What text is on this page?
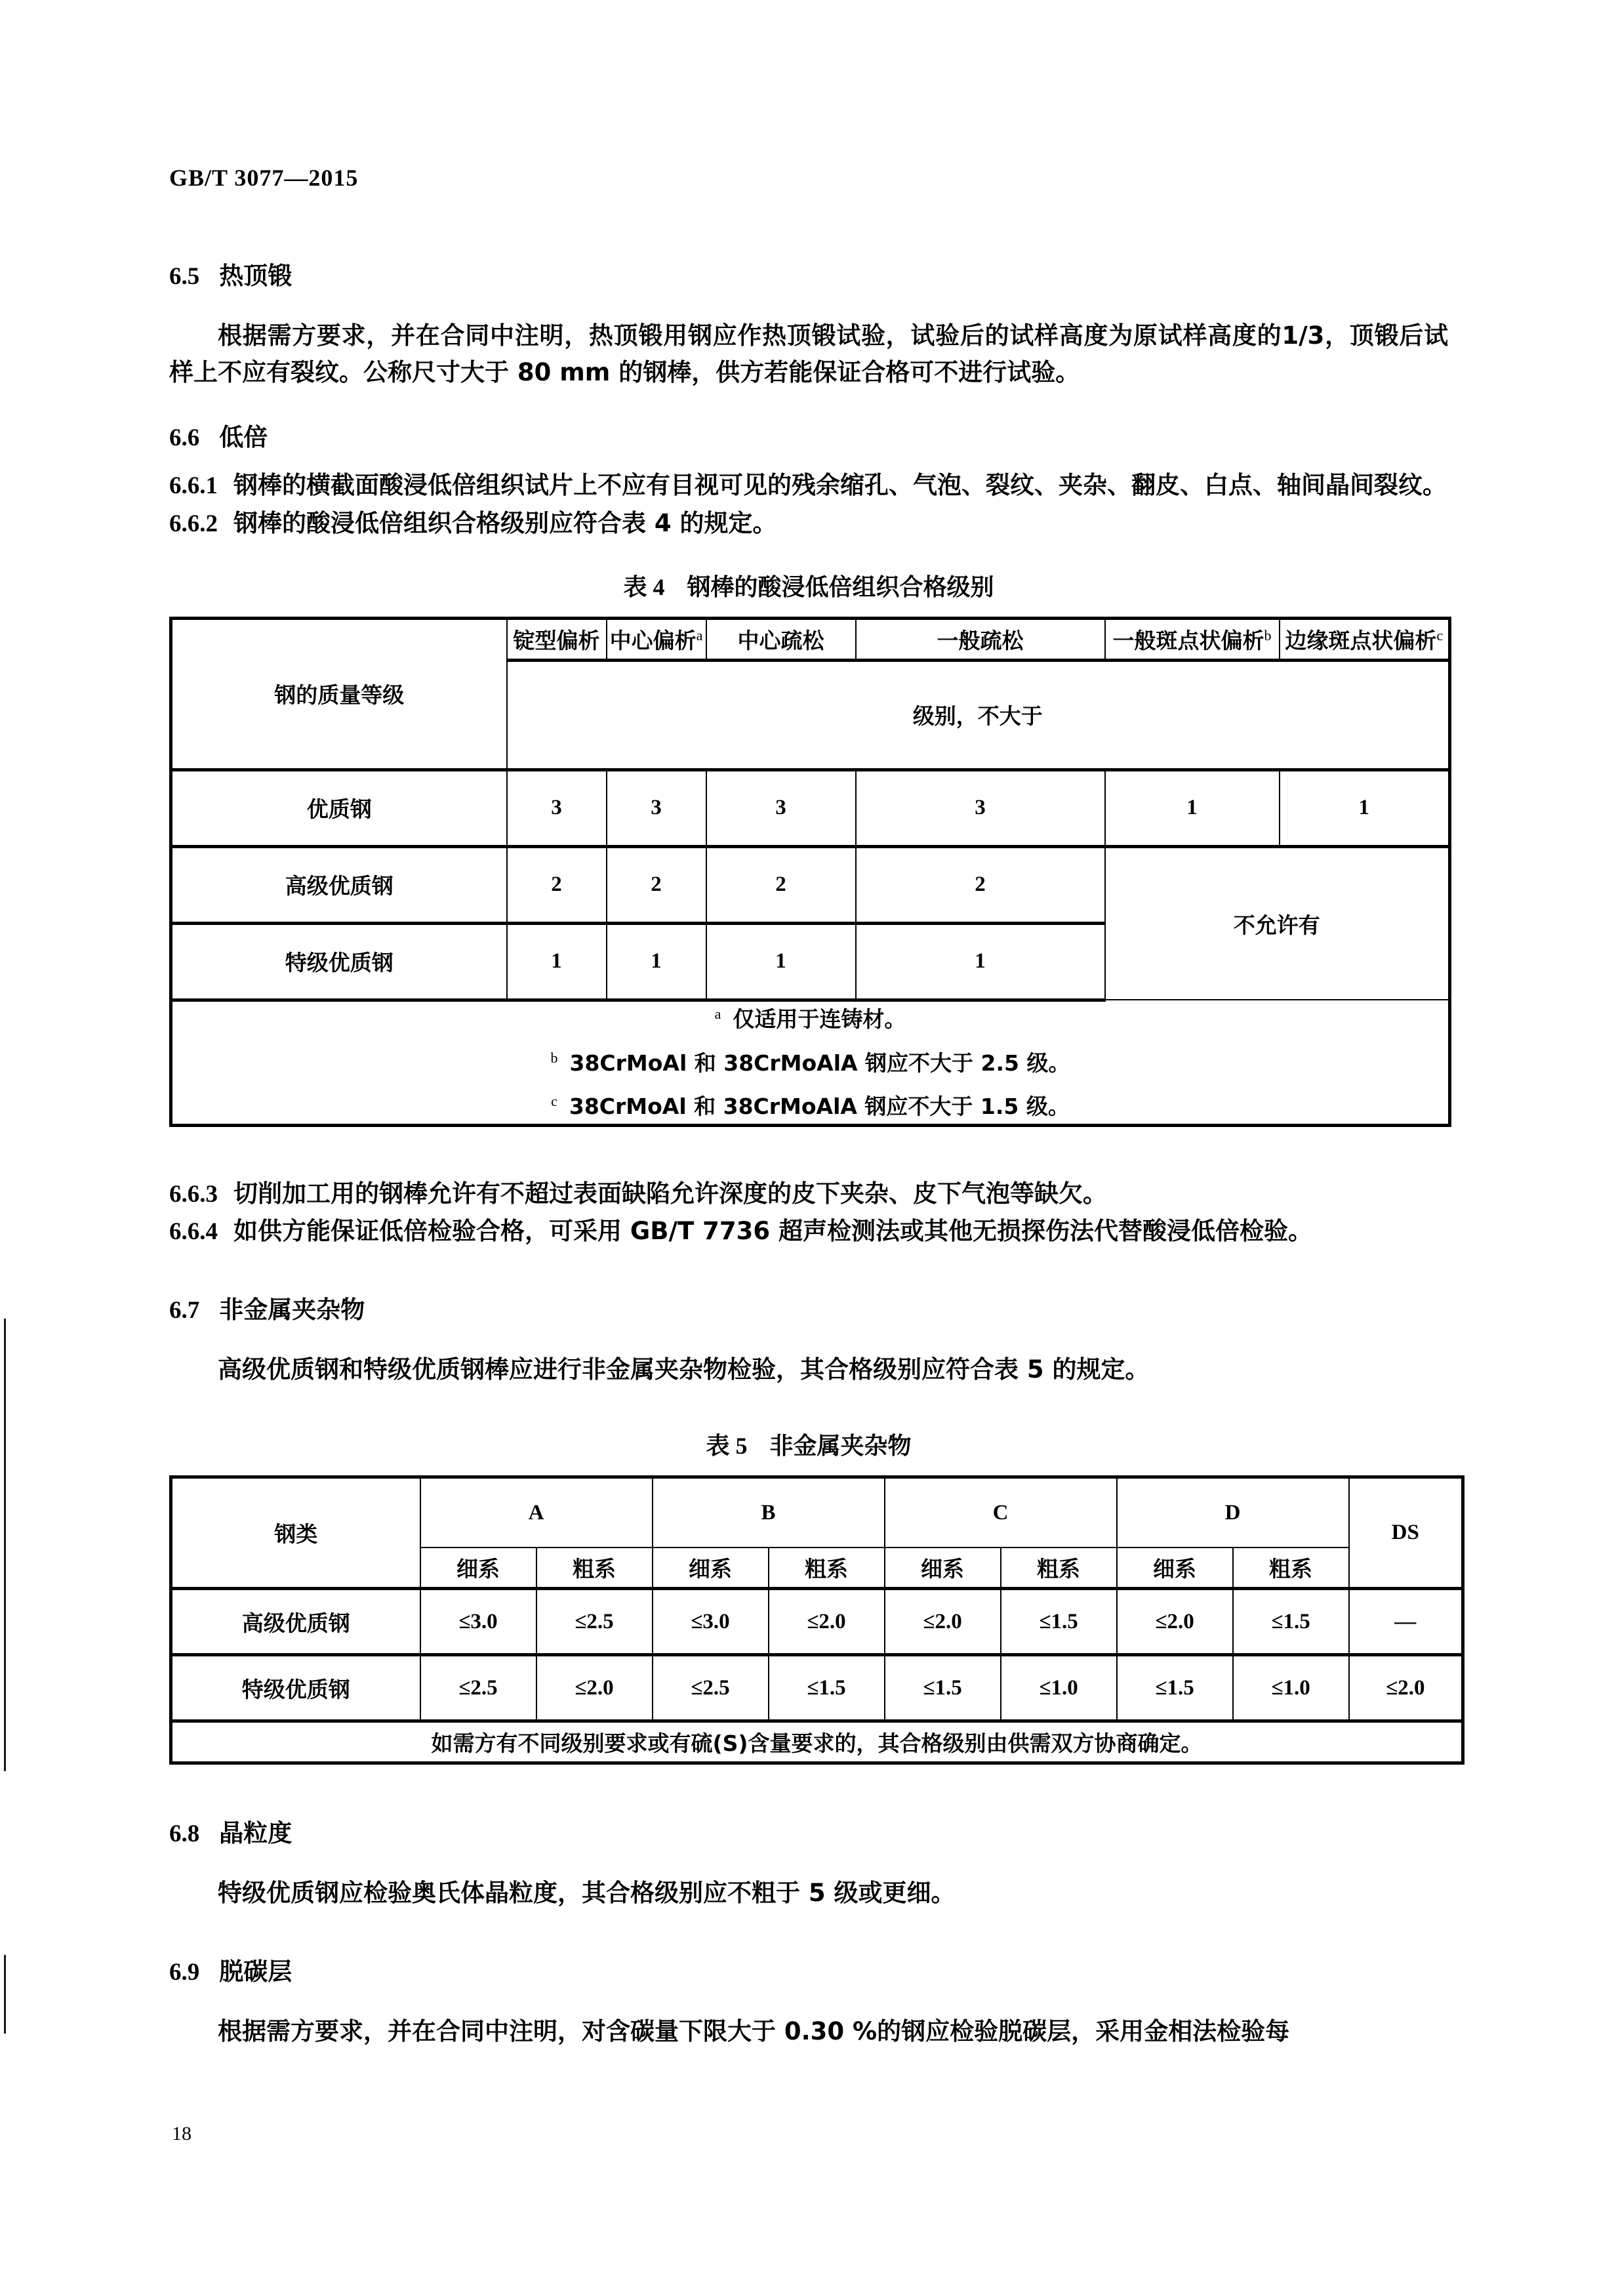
GB/T 3077—2015
6.5 热顶锻

根据需方要求，并在合同中注明，热顶锻用钢应作热顶锻试验，试验后的试样高度为原试样高度的1/3，顶锻后试样上不应有裂纹。公称尺寸大于 80 mm 的钢棒，供方若能保证合格可不进行试验。

6.6 低倍

6.6.1 钢棒的横截面酸浸低倍组织试片上不应有目视可见的残余缩孔、气泡、裂纹、夹杂、翻皮、白点、轴间晶间裂纹。

6.6.2 钢棒的酸浸低倍组织合格级别应符合表 4 的规定。

表 4 钢棒的酸浸低倍组织合格级别

钢的质量等级	锭型偏析	中心偏析$^a$	中心疏松	一般疏松	一般斑点状偏析$^b$	边缘斑点状偏析$^c$
	级别，不大于					
优质钢	3	3	3	3	1	1
高级优质钢	2	2	2	2	不允许有	
特级优质钢	1	1	1	1		

$^a$ 仅适用于连铸材。

$^b$ 38CrMoAl 和 38CrMoAlA 钢应不大于 2.5 级。

$^c$ 38CrMoAl 和 38CrMoAlA 钢应不大于 1.5 级。						

6.6.3 切削加工用的钢棒允许有不超过表面缺陷允许深度的皮下夹杂、皮下气泡等缺欠。

6.6.4 如供方能保证低倍检验合格，可采用 GB/T 7736 超声检测法或其他无损探伤法代替酸浸低倍检验。

6.7 非金属夹杂物

高级优质钢和特级优质钢棒应进行非金属夹杂物检验，其合格级别应符合表 5 的规定。

表 5 非金属夹杂物

钢类	A		B		C		D		DS
	细系	粗系	细系	粗系	细系	粗系	细系	粗系	
高级优质钢	≤3.0	≤2.5	≤3.0	≤2.0	≤2.0	≤1.5	≤2.0	≤1.5	—
特级优质钢	≤2.5	≤2.0	≤2.5	≤1.5	≤1.5	≤1.0	≤1.5	≤1.0	≤2.0
如需方有不同级别要求或有硫(S)含量要求的，其合格级别由供需双方协商确定。									
6.8 晶粒度

特级优质钢应检验奥氏体晶粒度，其合格级别应不粗于 5 级或更细。

6.9 脱碳层

根据需方要求，并在合同中注明，对含碳量下限大于 0.30 %的钢应检验脱碳层，采用金相法检验每

18
